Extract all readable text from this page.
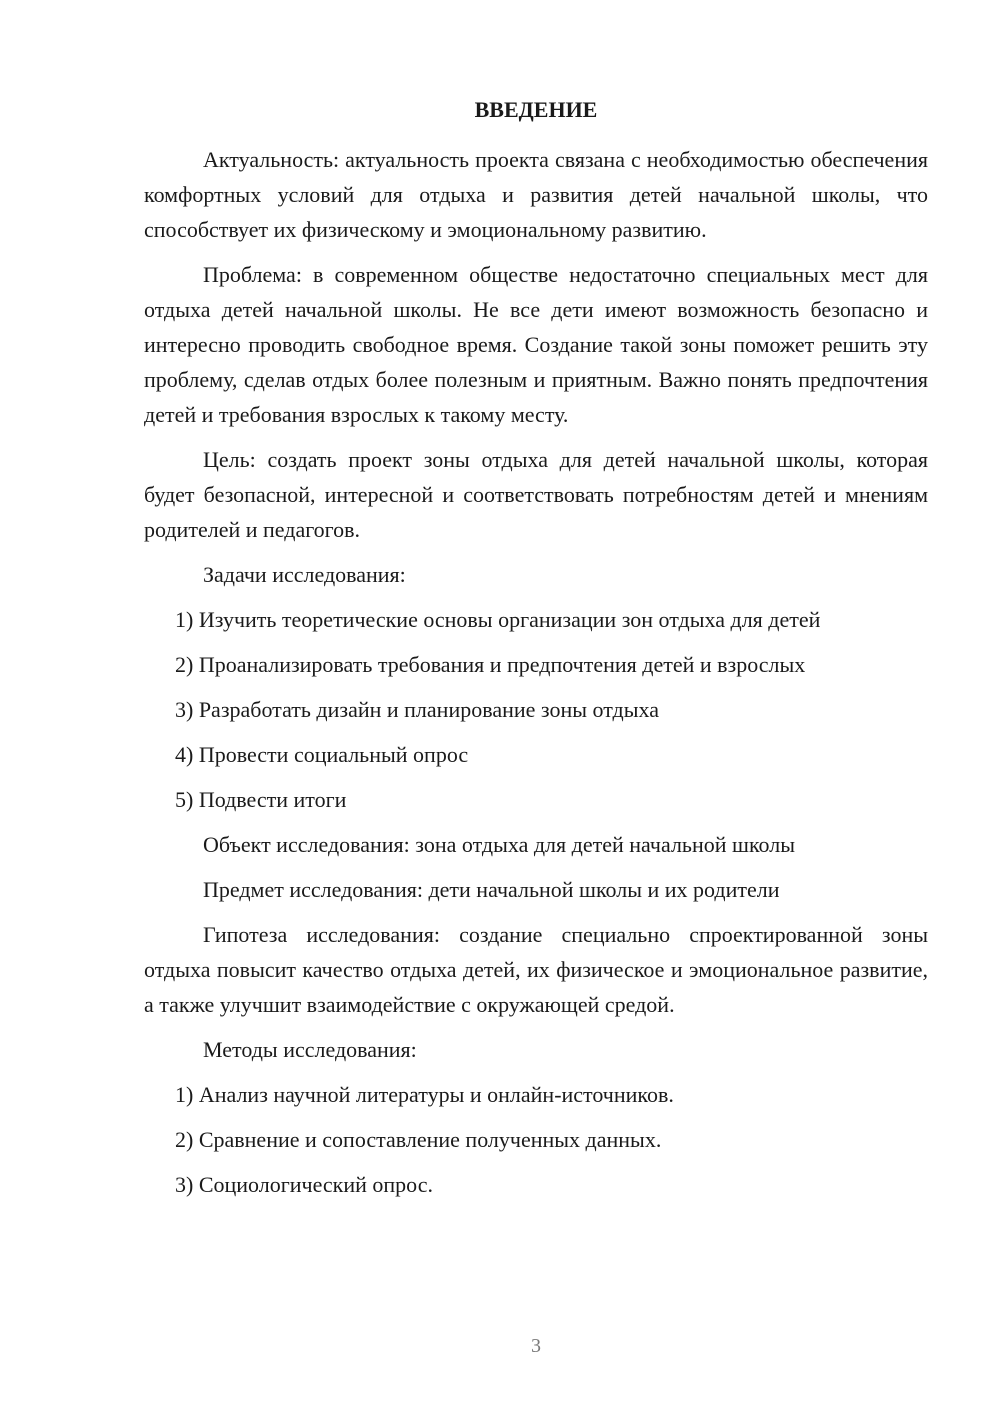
ВВЕДЕНИЕ

Актуальность: актуальность проекта связана с необходимостью обеспечения комфортных условий для отдыха и развития детей начальной школы, что способствует их физическому и эмоциональному развитию.

Проблема: в современном обществе недостаточно специальных мест для отдыха детей начальной школы. Не все дети имеют возможность безопасно и интересно проводить свободное время. Создание такой зоны поможет решить эту проблему, сделав отдых более полезным и приятным. Важно понять предпочтения детей и требования взрослых к такому месту.

Цель: создать проект зоны отдыха для детей начальной школы, которая будет безопасной, интересной и соответствовать потребностям детей и мнениям родителей и педагогов.

Задачи исследования:
1) Изучить теоретические основы организации зон отдыха для детей
2) Проанализировать требования и предпочтения детей и взрослых
3) Разработать дизайн и планирование зоны отдыха
4) Провести социальный опрос
5) Подвести итоги
Объект исследования: зона отдыха для детей начальной школы
Предмет исследования: дети начальной школы и их родители

Гипотеза исследования: создание специально спроектированной зоны отдыха повысит качество отдыха детей, их физическое и эмоциональное развитие, а также улучшит взаимодействие с окружающей средой.

Методы исследования:
1) Анализ научной литературы и онлайн-источников.
2) Сравнение и сопоставление полученных данных.
3) Социологический опрос.
3
